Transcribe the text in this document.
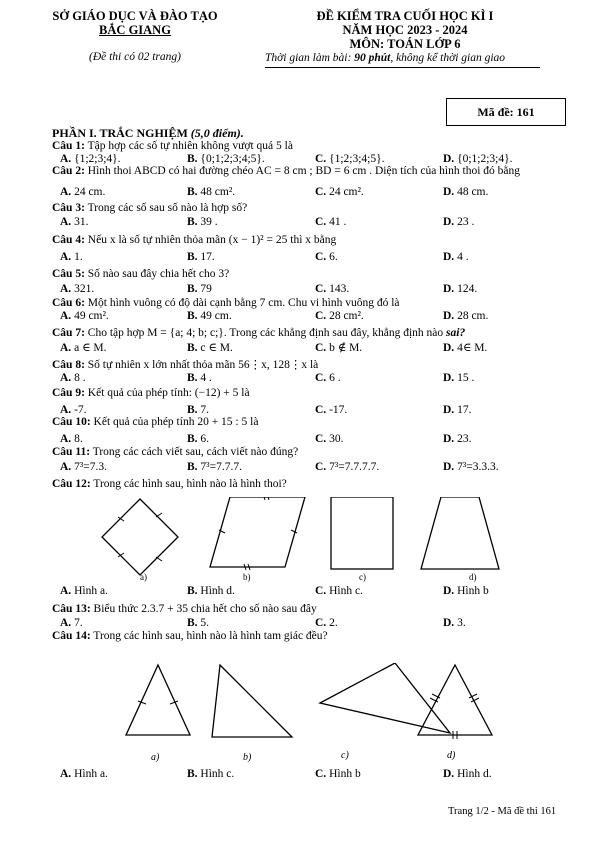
SỞ GIÁO DỤC VÀ ĐÀO TẠO
BẮC GIANG
(Đề thi có 02 trang)
ĐỀ KIỂM TRA CUỐI HỌC KÌ I
NĂM HỌC 2023 - 2024
MÔN: TOÁN LỚP 6
Thời gian làm bài: 90 phút, không kể thời gian giao
Mã đề: 161
PHẦN I. TRẮC NGHIỆM (5,0 điểm).
Câu 1: Tập hợp các số tự nhiên không vượt quá 5 là
A. {1;2;3;4}.	B. {0;1;2;3;4;5}.	C. {1;2;3;4;5}.	D. {0;1;2;3;4}.
Câu 2: Hình thoi ABCD có hai đường chéo AC = 8 cm ; BD = 6 cm . Diện tích của hình thoi đó bằng
A. 24 cm.	B. 48 cm².	C. 24 cm².	D. 48 cm.
Câu 3: Trong các số sau số nào là hợp số?
A. 31.	B. 39 .	C. 41 .	D. 23 .
Câu 4: Nếu x là số tự nhiên thỏa mãn (x − 1)² = 25 thì x bằng
A. 1.	B. 17.	C. 6.	D. 4 .
Câu 5: Số nào sau đây chia hết cho 3?
A. 321.	B. 79	C. 143.	D. 124.
Câu 6: Một hình vuông có độ dài cạnh bằng 7 cm. Chu vi hình vuông đó là
A. 49 cm².	B. 49 cm.	C. 28 cm².	D. 28 cm.
Câu 7: Cho tập hợp M = {a; 4; b; c;}. Trong các khẳng định sau đây, khẳng định nào sai?
A. a ∈ M.	B. c ∈ M.	C. b ∉ M.	D. 4∈ M.
Câu 8: Số tự nhiên x lớn nhất thỏa mãn 56⋮x, 128⋮x là
A. 8 .	B. 4 .	C. 6 .	D. 15 .
Câu 9: Kết quả của phép tính: (−12) + 5 là
A. -7.	B. 7.	C. -17.	D. 17.
Câu 10: Kết quả của phép tính 20 + 15 : 5 là
A. 8.	B. 6.	C. 30.	D. 23.
Câu 11: Trong các cách viết sau, cách viết nào đúng?
A. 7³=7.3.	B. 7³=7.7.7.	C. 7³=7.7.7.7.	D. 7³=3.3.3.
Câu 12: Trong các hình sau, hình nào là hình thoi?
A. Hình a.	B. Hình d.	C. Hình c.	D. Hình b
Câu 13: Biểu thức 2.3.7 + 35 chia hết cho số nào sau đây
A. 7.	B. 5.	C. 2.	D. 3.
Câu 14: Trong các hình sau, hình nào là hình tam giác đều?
A. Hình a.	B. Hình c.	C. Hình b	D. Hình d.
a)	b)	c)	d)
a)	b)	c)	d)
Trang 1/2 - Mã đề thi 161
